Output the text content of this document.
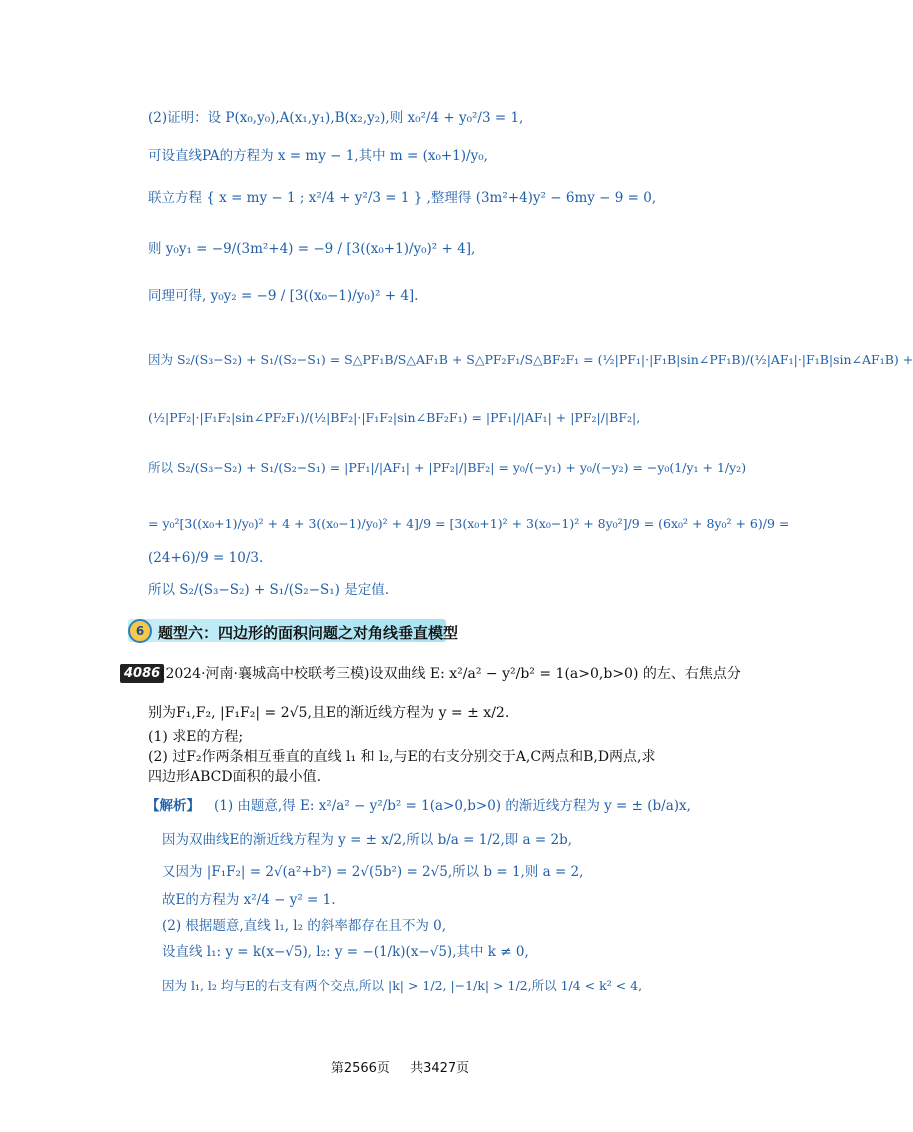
(2)证明：设 P(x₀,y₀),A(x₁,y₁),B(x₂,y₂),则 x₀²/4 + y₀²/3 = 1,
可设直线PA的方程为 x = my − 1,其中 m = (x₀+1)/y₀,
联立方程 { x = my − 1 ; x²/4 + y²/3 = 1 } ,整理得 (3m²+4)y² − 6my − 9 = 0,
则 y₀y₁ = −9/(3m²+4) = −9 / [3((x₀+1)/y₀)² + 4],
同理可得, y₀y₂ = −9 / [3((x₀−1)/y₀)² + 4].
因为 S₂/(S₃−S₂) + S₁/(S₂−S₁) = S△PF₁B/S△AF₁B + S△PF₂F₁/S△BF₂F₁ = (½|PF₁|·|F₁B|sin∠PF₁B)/(½|AF₁|·|F₁B|sin∠AF₁B) +
(½|PF₂|·|F₁F₂|sin∠PF₂F₁)/(½|BF₂|·|F₁F₂|sin∠BF₂F₁) = |PF₁|/|AF₁| + |PF₂|/|BF₂|,
所以 S₂/(S₃−S₂) + S₁/(S₂−S₁) = |PF₁|/|AF₁| + |PF₂|/|BF₂| = y₀/(−y₁) + y₀/(−y₂) = −y₀(1/y₁ + 1/y₂)
= y₀²[3((x₀+1)/y₀)² + 4 + 3((x₀−1)/y₀)² + 4]/9 = [3(x₀+1)² + 3(x₀−1)² + 8y₀²]/9 = (6x₀² + 8y₀² + 6)/9 =
(24+6)/9 = 10/3.
所以 S₂/(S₃−S₂) + S₁/(S₂−S₁) 是定值.
6 题型六：四边形的面积问题之对角线垂直模型
4086 (2024·河南·襄城高中校联考三模)设双曲线 E: x²/a² − y²/b² = 1(a>0,b>0) 的左、右焦点分
别为F₁,F₂, |F₁F₂| = 2√5,且E的渐近线方程为 y = ± x/2.
(1) 求E的方程;
(2) 过F₂作两条相互垂直的直线 l₁ 和 l₂,与E的右支分别交于A,C两点和B,D两点,求
四边形ABCD面积的最小值.
【解析】 (1) 由题意,得 E: x²/a² − y²/b² = 1(a>0,b>0) 的渐近线方程为 y = ± (b/a)x,
因为双曲线E的渐近线方程为 y = ± x/2,所以 b/a = 1/2,即 a = 2b,
又因为 |F₁F₂| = 2√(a²+b²) = 2√(5b²) = 2√5,所以 b = 1,则 a = 2,
故E的方程为 x²/4 − y² = 1.
(2) 根据题意,直线 l₁, l₂ 的斜率都存在且不为 0,
设直线 l₁: y = k(x−√5), l₂: y = −(1/k)(x−√5),其中 k ≠ 0,
因为 l₁, l₂ 均与E的右支有两个交点,所以 |k| > 1/2, |−1/k| > 1/2,所以 1/4 < k² < 4,
第2566页 共3427页
